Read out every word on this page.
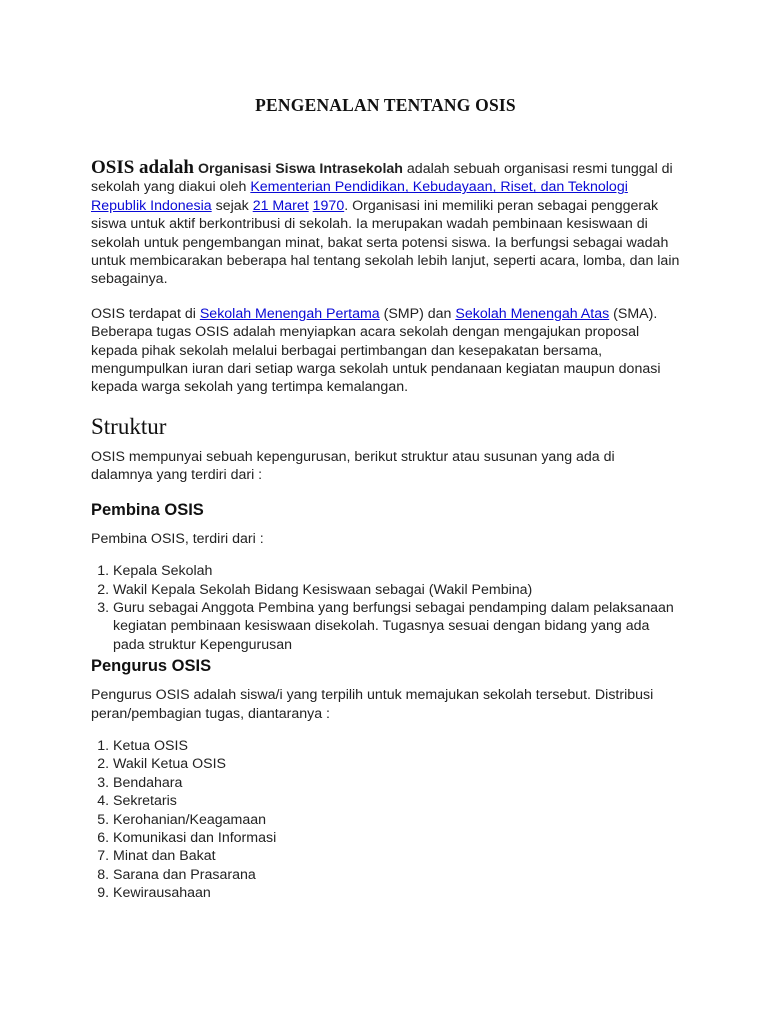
PENGENALAN TENTANG OSIS

OSIS adalah Organisasi Siswa Intrasekolah adalah sebuah organisasi resmi tunggal di sekolah yang diakui oleh Kementerian Pendidikan, Kebudayaan, Riset, dan Teknologi Republik Indonesia sejak 21 Maret 1970. Organisasi ini memiliki peran sebagai penggerak siswa untuk aktif berkontribusi di sekolah. Ia merupakan wadah pembinaan kesiswaan di sekolah untuk pengembangan minat, bakat serta potensi siswa. Ia berfungsi sebagai wadah untuk membicarakan beberapa hal tentang sekolah lebih lanjut, seperti acara, lomba, dan lain sebagainya.

OSIS terdapat di Sekolah Menengah Pertama (SMP) dan Sekolah Menengah Atas (SMA). Beberapa tugas OSIS adalah menyiapkan acara sekolah dengan mengajukan proposal kepada pihak sekolah melalui berbagai pertimbangan dan kesepakatan bersama, mengumpulkan iuran dari setiap warga sekolah untuk pendanaan kegiatan maupun donasi kepada warga sekolah yang tertimpa kemalangan.

Struktur

OSIS mempunyai sebuah kepengurusan, berikut struktur atau susunan yang ada di dalamnya yang terdiri dari :

Pembina OSIS

Pembina OSIS, terdiri dari :

1. Kepala Sekolah
2. Wakil Kepala Sekolah Bidang Kesiswaan sebagai (Wakil Pembina)
3. Guru sebagai Anggota Pembina yang berfungsi sebagai pendamping dalam pelaksanaan kegiatan pembinaan kesiswaan disekolah. Tugasnya sesuai dengan bidang yang ada pada struktur Kepengurusan
Pengurus OSIS

Pengurus OSIS adalah siswa/i yang terpilih untuk memajukan sekolah tersebut. Distribusi peran/pembagian tugas, diantaranya :

1. Ketua OSIS
2. Wakil Ketua OSIS
3. Bendahara
4. Sekretaris
5. Kerohanian/Keagamaan
6. Komunikasi dan Informasi
7. Minat dan Bakat
8. Sarana dan Prasarana
9. Kewirausahaan
